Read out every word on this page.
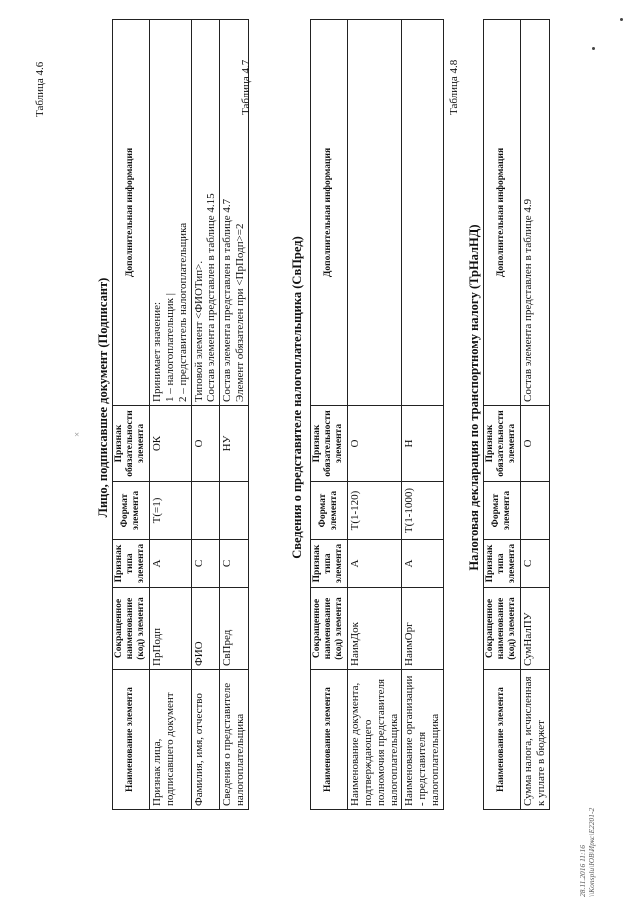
Таблица 4.6
Лицо, подписавшее документ (Подписант)
Наименование элемента	Сокращенное наименование (код) элемента	Признак типа элемента	Формат элемента	Признак обязательности элемента	Дополнительная информация
Признак лица, подписавшего документ	ПрПодп	А	T(=1)	ОК	Принимает значение:
1 – налогоплательщик |
2 – представитель налогоплательщика
Фамилия, имя, отчество	ФИО	С		О	Типовой элемент <ФИОТип>.
Состав элемента представлен в таблице 4.15
Сведения о представителе налогоплательщика	СвПред	С		НУ	Состав элемента представлен в таблице 4.7
Элемент обязателен при <ПрПодп>=2
Таблица 4.7
Сведения о представителе налогоплательщика (СвПред)
Наименование элемента	Сокращенное наименование (код) элемента	Признак типа элемента	Формат элемента	Признак обязательности элемента	Дополнительная информация
Наименование документа, подтверждающего полномочия представителя налогоплательщика	НаимДок	А	T(1-120)	О	
Наименование организации - представителя налогоплательщика	НаимОрг	А	T(1-1000)	Н	
Таблица 4.8
Налоговая декларация по транспортному налогу (ТрНалНД)
Наименование элемента	Сокращенное наименование (код) элемента	Признак типа элемента	Формат элемента	Признак обязательности элемента	Дополнительная информация
Сумма налога, исчисленная к уплате в бюджет	СумНалПУ	С		О	Состав элемента представлен в таблице 4.9
28.11.2016 11:16 \\Konsplu\ЮВ\Иркс\Е2201-2
×
